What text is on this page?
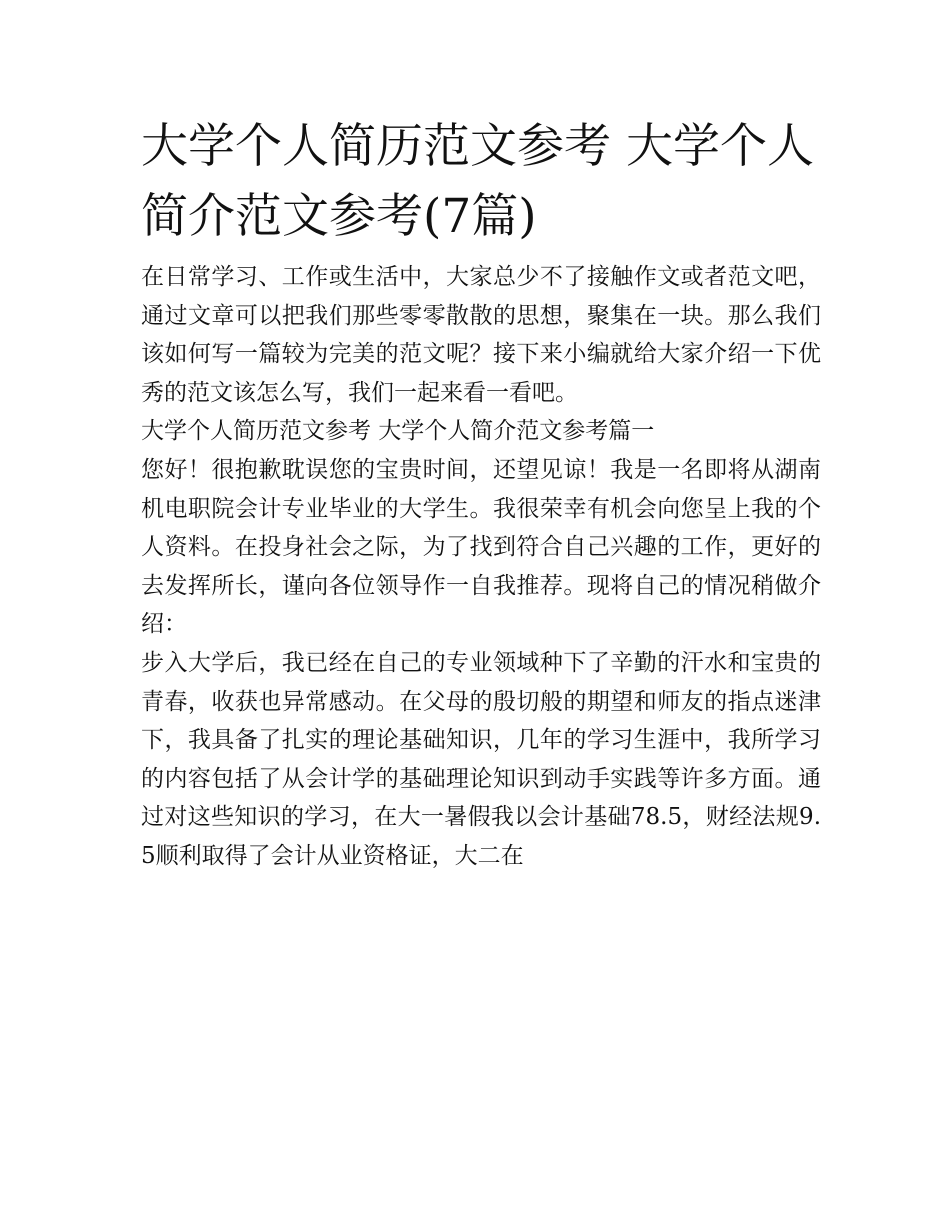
大学个人简历范文参考 大学个人简介范文参考(7篇)

在日常学习、工作或生活中，大家总少不了接触作文或者范文吧，通过文章可以把我们那些零零散散的思想，聚集在一块。那么我们该如何写一篇较为完美的范文呢？接下来小编就给大家介绍一下优秀的范文该怎么写，我们一起来看一看吧。

大学个人简历范文参考 大学个人简介范文参考篇一

您好！很抱歉耽误您的宝贵时间，还望见谅！我是一名即将从湖南机电职院会计专业毕业的大学生。我很荣幸有机会向您呈上我的个人资料。在投身社会之际，为了找到符合自己兴趣的工作，更好的去发挥所长，谨向各位领导作一自我推荐。现将自己的情况稍做介绍：

步入大学后，我已经在自己的专业领域种下了辛勤的汗水和宝贵的青春，收获也异常感动。在父母的殷切般的期望和师友的指点迷津下，我具备了扎实的理论基础知识，几年的学习生涯中，我所学习的内容包括了从会计学的基础理论知识到动手实践等许多方面。通过对这些知识的学习，在大一暑假我以会计基础78.5，财经法规9.5顺利取得了会计从业资格证，大二在
